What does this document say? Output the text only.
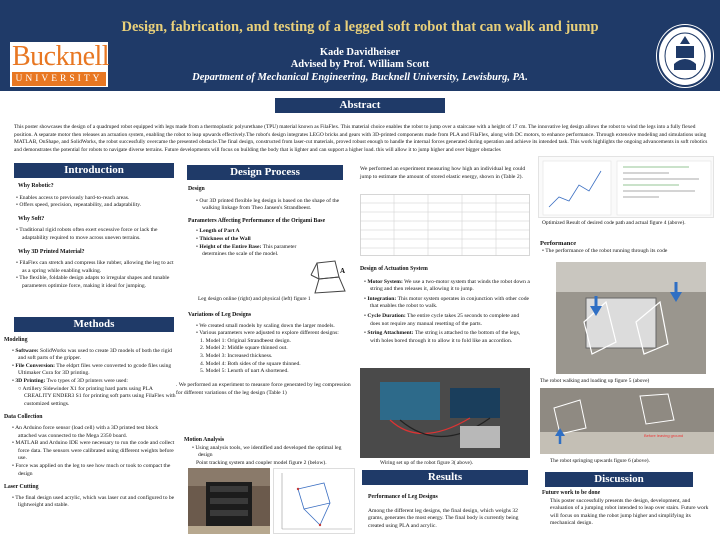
Design, fabrication, and testing of a legged soft robot that can walk and jump
Kade Davidheiser
Advised by Prof. William Scott
Department of Mechanical Engineering, Bucknell University, Lewisburg, PA.
Bucknell
UNIVERSITY
Abstract
This poster showcases the design of a quadruped robot equipped with legs made from a thermoplastic polyurethane (TPU) material known as FilaFlex. This material choice enables the robot to jump over a staircase with a height of 17 cm. The innovative leg design allows the robot to wind the legs into a fully flexed position. A separate motor then releases an actuation system, enabling the robot to leap upwards effectively.The robot's design integrates LEGO bricks and gears with 3D-printed components made from PLA and FilaFlex, along with DC motors, to enhance performance. Through extensive modeling and simulations using MATLAB, OnShape, and SolidWorks, the robot successfully overcame the presented obstacle.The final design, constructed from laser-cut materials, proved robust enough to handle the internal forces generated during operation and achieve its intended task. This work highlights the ongoing advancements in soft robotics and demonstrates the potential for robots to navigate diverse terrains. Future developments will focus on building the body that is lighter and can support a higher load. this will allow it to jump higher and over bigger obstacles
Introduction
Why Robotic?
• Enables access to previously hard-to-reach areas.
• Offers speed, precision, repeatability, and adaptability.
Why Soft?
• Traditional rigid robots often exert excessive force or lack the adaptability required to move across uneven terrains.
Why 3D Printed Material?
• FilaFlex can stretch and compress like rubber, allowing the leg to act as a spring while enabling walking.
• The flexible, foldable design adapts to irregular shapes and tunable parameters optimize force, making it ideal for jumping.
Methods
Modeling
• Software: SolidWorks was used to create 3D models of both the rigid and soft parts of the gripper.
• File Conversion: The eldprt files were converted to gcode files using Ultimaker Cura for 3D printing.
• 3D Printing: Two types of 3D printers were used:
○ Artillery Sidewinder X1 for printing hard parts using PLA CREALITY ENDER3 S1 for printing soft parts using FilaFlex with customized settings.
Data Collection
• An Arduino force sensor (load cell) with a 3D printed test block attached was connected to the Mega 2350 board.
• MATLAB and Arduino IDE were necessary to run the code and collect force data. The sensors were calibrated using different weights before use.
• Force was applied on the leg to see how much or took to compact the design
Laser Cutting
• The final design used acrylic, which was laser cut and configured to be lightweight and stable.
Design Process
Design
• Our 3D printed flexible leg design is based on the shape of the walking linkage from Theo Jansen's Strandbeest.
Parameters Affecting Performance of the Origami Base
• Length of Part A
• Thickness of the Wall
• Height of the Entire Base: This parameter determines the scale of the model.
A
Leg design online (right) and physical (left) figure 1
Variations of Leg Designs
• We created small models by scaling down the larger models.
• Various parameters were adjusted to explore different designs:
1. Model 1: Original Strandbeest design.
2. Model 2: Middle square thinned out.
3. Model 3: Increased thickness.
4. Model 4: Both sides of the square thinned.
5. Model 5: Length of part A shortened.
. We performed an experiment to measure force generated by leg compression for different variations of the leg design (Table 1)
Motion Analysis
• Using analysis tools, we identified and developed the optimal leg design
Point tracking system and coupler model figure 2 (below).
We performed an experiment measuring how high an individual leg could jump to estimate the amount of stored elastic energy, shown in (Table 2).
Design of Actuation System
• Motor System: We use a two-motor system that winds the robot down a string and then releases it, allowing it to jump.
• Integration: This motor system operates in conjunction with other code that enables the robot to walk.
• Cycle Duration: The entire cycle takes 25 seconds to complete and does not require any manual resetting of the parts.
• String Attachment: The string is attached to the bottom of the legs, with holes bored through it to allow it to fold like an accordion.
Wiring set up of the robot figure 3( above).
Results
Performance of Leg Designs
Among the different leg designs, the final design, which weighs 32 grams, generates the most energy. The final body is currently being created using PLA and acrylic.
Optimized Result of desired code path and actual figure 4 (above).
Performance
• The performance of the robot running through its code
The robot walking and loading up figure 5 (above)
Before leaving ground
The robot springing upwards figure 6 (above).
Discussion
Future work to be done
This poster successfully presents the design, development, and evaluation of a jumping robot intended to leap over stairs. Future work will focus on making the robot jump higher and simplifying its mechanical design.
